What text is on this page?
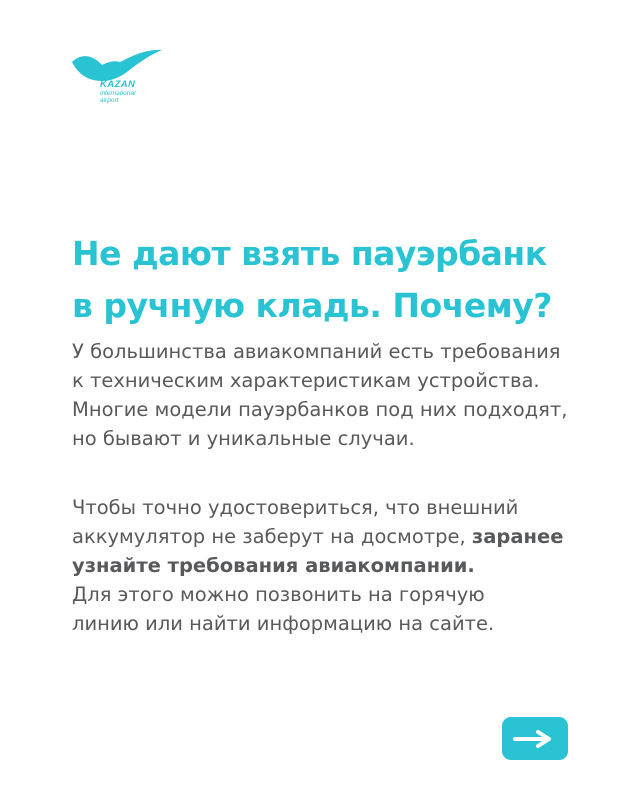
KAZAN
international
airport
Не дают взять пауэрбанк
в ручную кладь. Почему?

У большинства авиакомпаний есть требования
к техническим характеристикам устройства.
Многие модели пауэрбанков под них подходят,
но бывают и уникальные случаи.

Чтобы точно удостовериться, что внешний
аккумулятор не заберут на досмотре, заранее
узнайте требования авиакомпании.
Для этого можно позвонить на горячую
линию или найти информацию на сайте.
